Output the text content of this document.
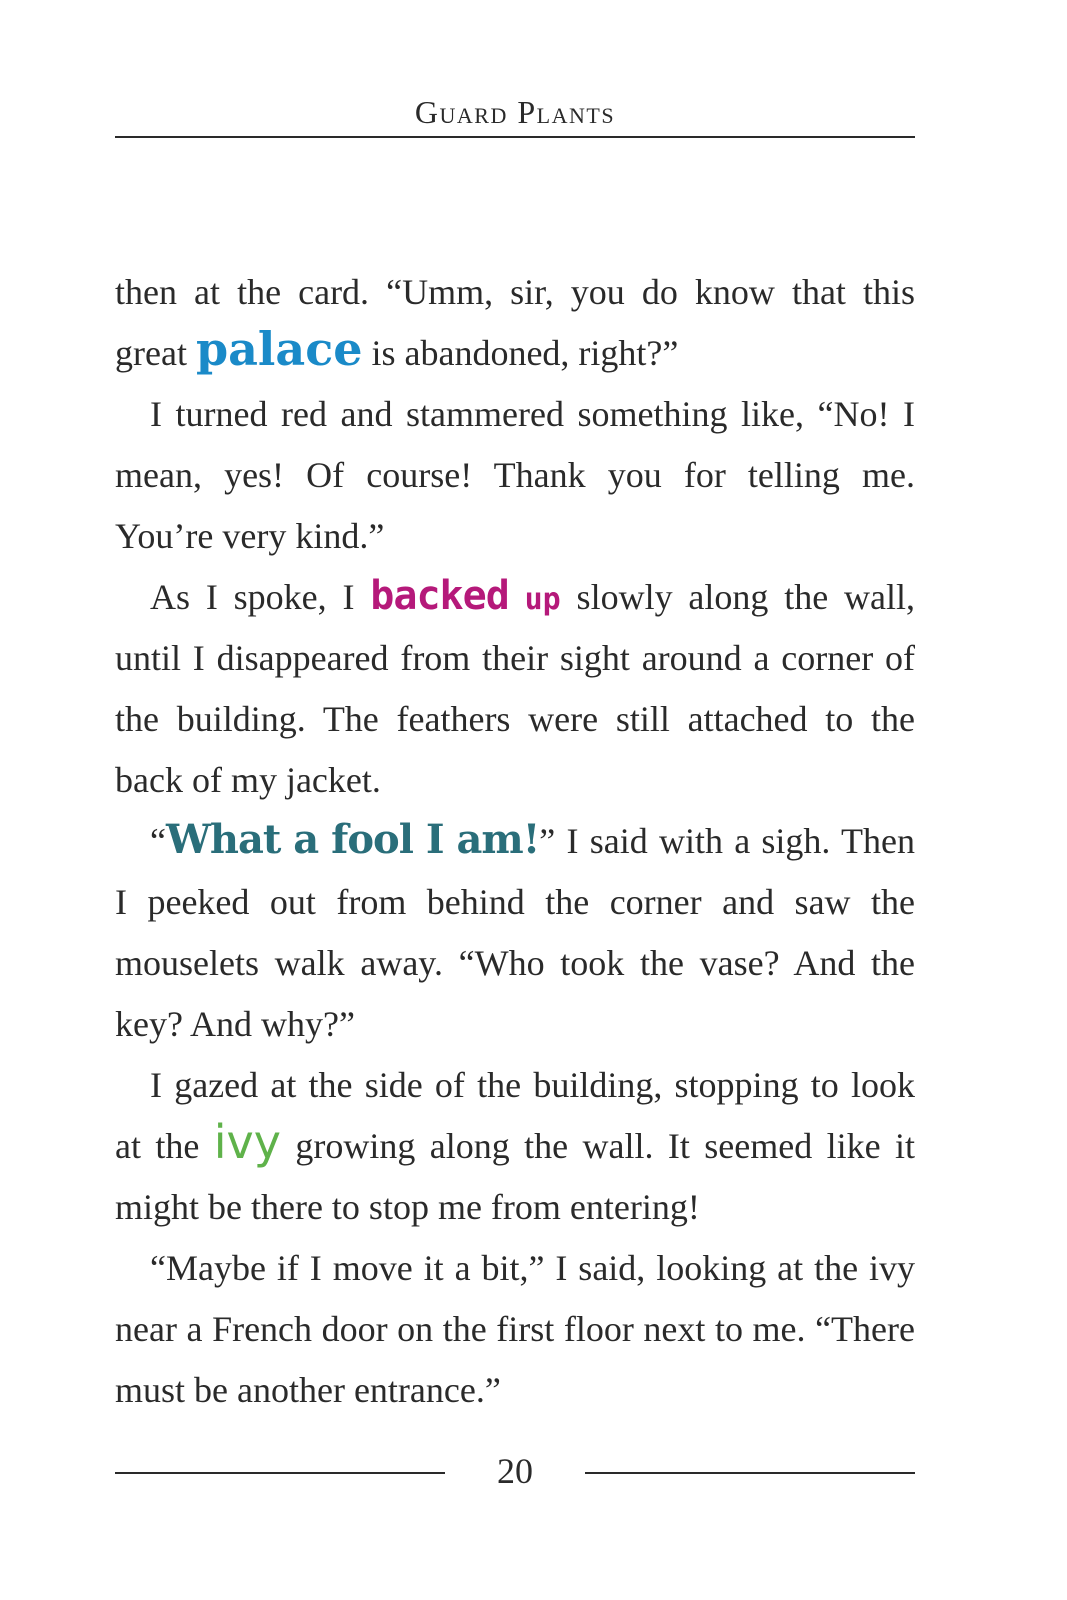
Guard Plants

then at the card. “Umm, sir, you do know that this great palace is abandoned, right?”

I turned red and stammered something like, “No! I mean, yes! Of course! Thank you for telling me. You’re very kind.”

As I spoke, I backed up slowly along the wall, until I disappeared from their sight around a corner of the building. The feathers were still attached to the back of my jacket.

“What a fool I am!” I said with a sigh. Then I peeked out from behind the corner and saw the mouselets walk away. “Who took the vase? And the key? And why?”

I gazed at the side of the building, stopping to look at the ivy growing along the wall. It seemed like it might be there to stop me from entering!

“Maybe if I move it a bit,” I said, looking at the ivy near a French door on the first floor next to me. “There must be another entrance.”

20
